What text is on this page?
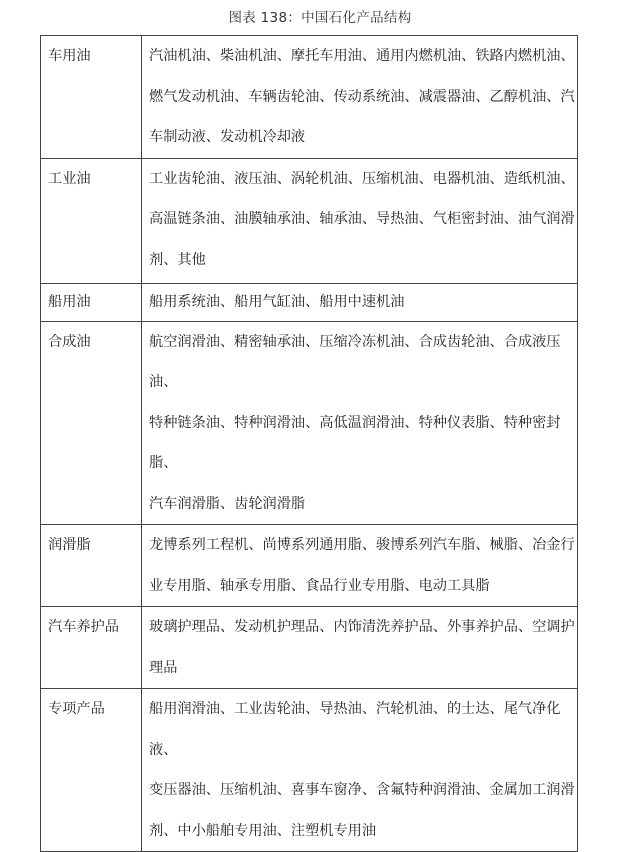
图表 138：中国石化产品结构
车用油	汽油机油、柴油机油、摩托车用油、通用内燃机油、铁路内燃机油、
燃气发动机油、车辆齿轮油、传动系统油、减震器油、乙醇机油、汽
车制动液、发动机冷却液

工业油	工业齿轮油、液压油、涡轮机油、压缩机油、电器机油、造纸机油、
高温链条油、油膜轴承油、轴承油、导热油、气柜密封油、油气润滑
剂、其他

船用油	船用系统油、船用气缸油、船用中速机油

合成油	航空润滑油、精密轴承油、压缩冷冻机油、合成齿轮油、合成液压油、
特种链条油、特种润滑油、高低温润滑油、特种仪表脂、特种密封脂、
汽车润滑脂、齿轮润滑脂

润滑脂	龙博系列工程机、尚博系列通用脂、骏博系列汽车脂、械脂、冶金行
业专用脂、轴承专用脂、食品行业专用脂、电动工具脂

汽车养护品	玻璃护理品、发动机护理品、内饰清洗养护品、外事养护品、空调护
理品

专项产品	船用润滑油、工业齿轮油、导热油、汽轮机油、的士达、尾气净化液、
变压器油、压缩机油、喜事车窗净、含氟特种润滑油、金属加工润滑
剂、中小船舶专用油、注塑机专用油
